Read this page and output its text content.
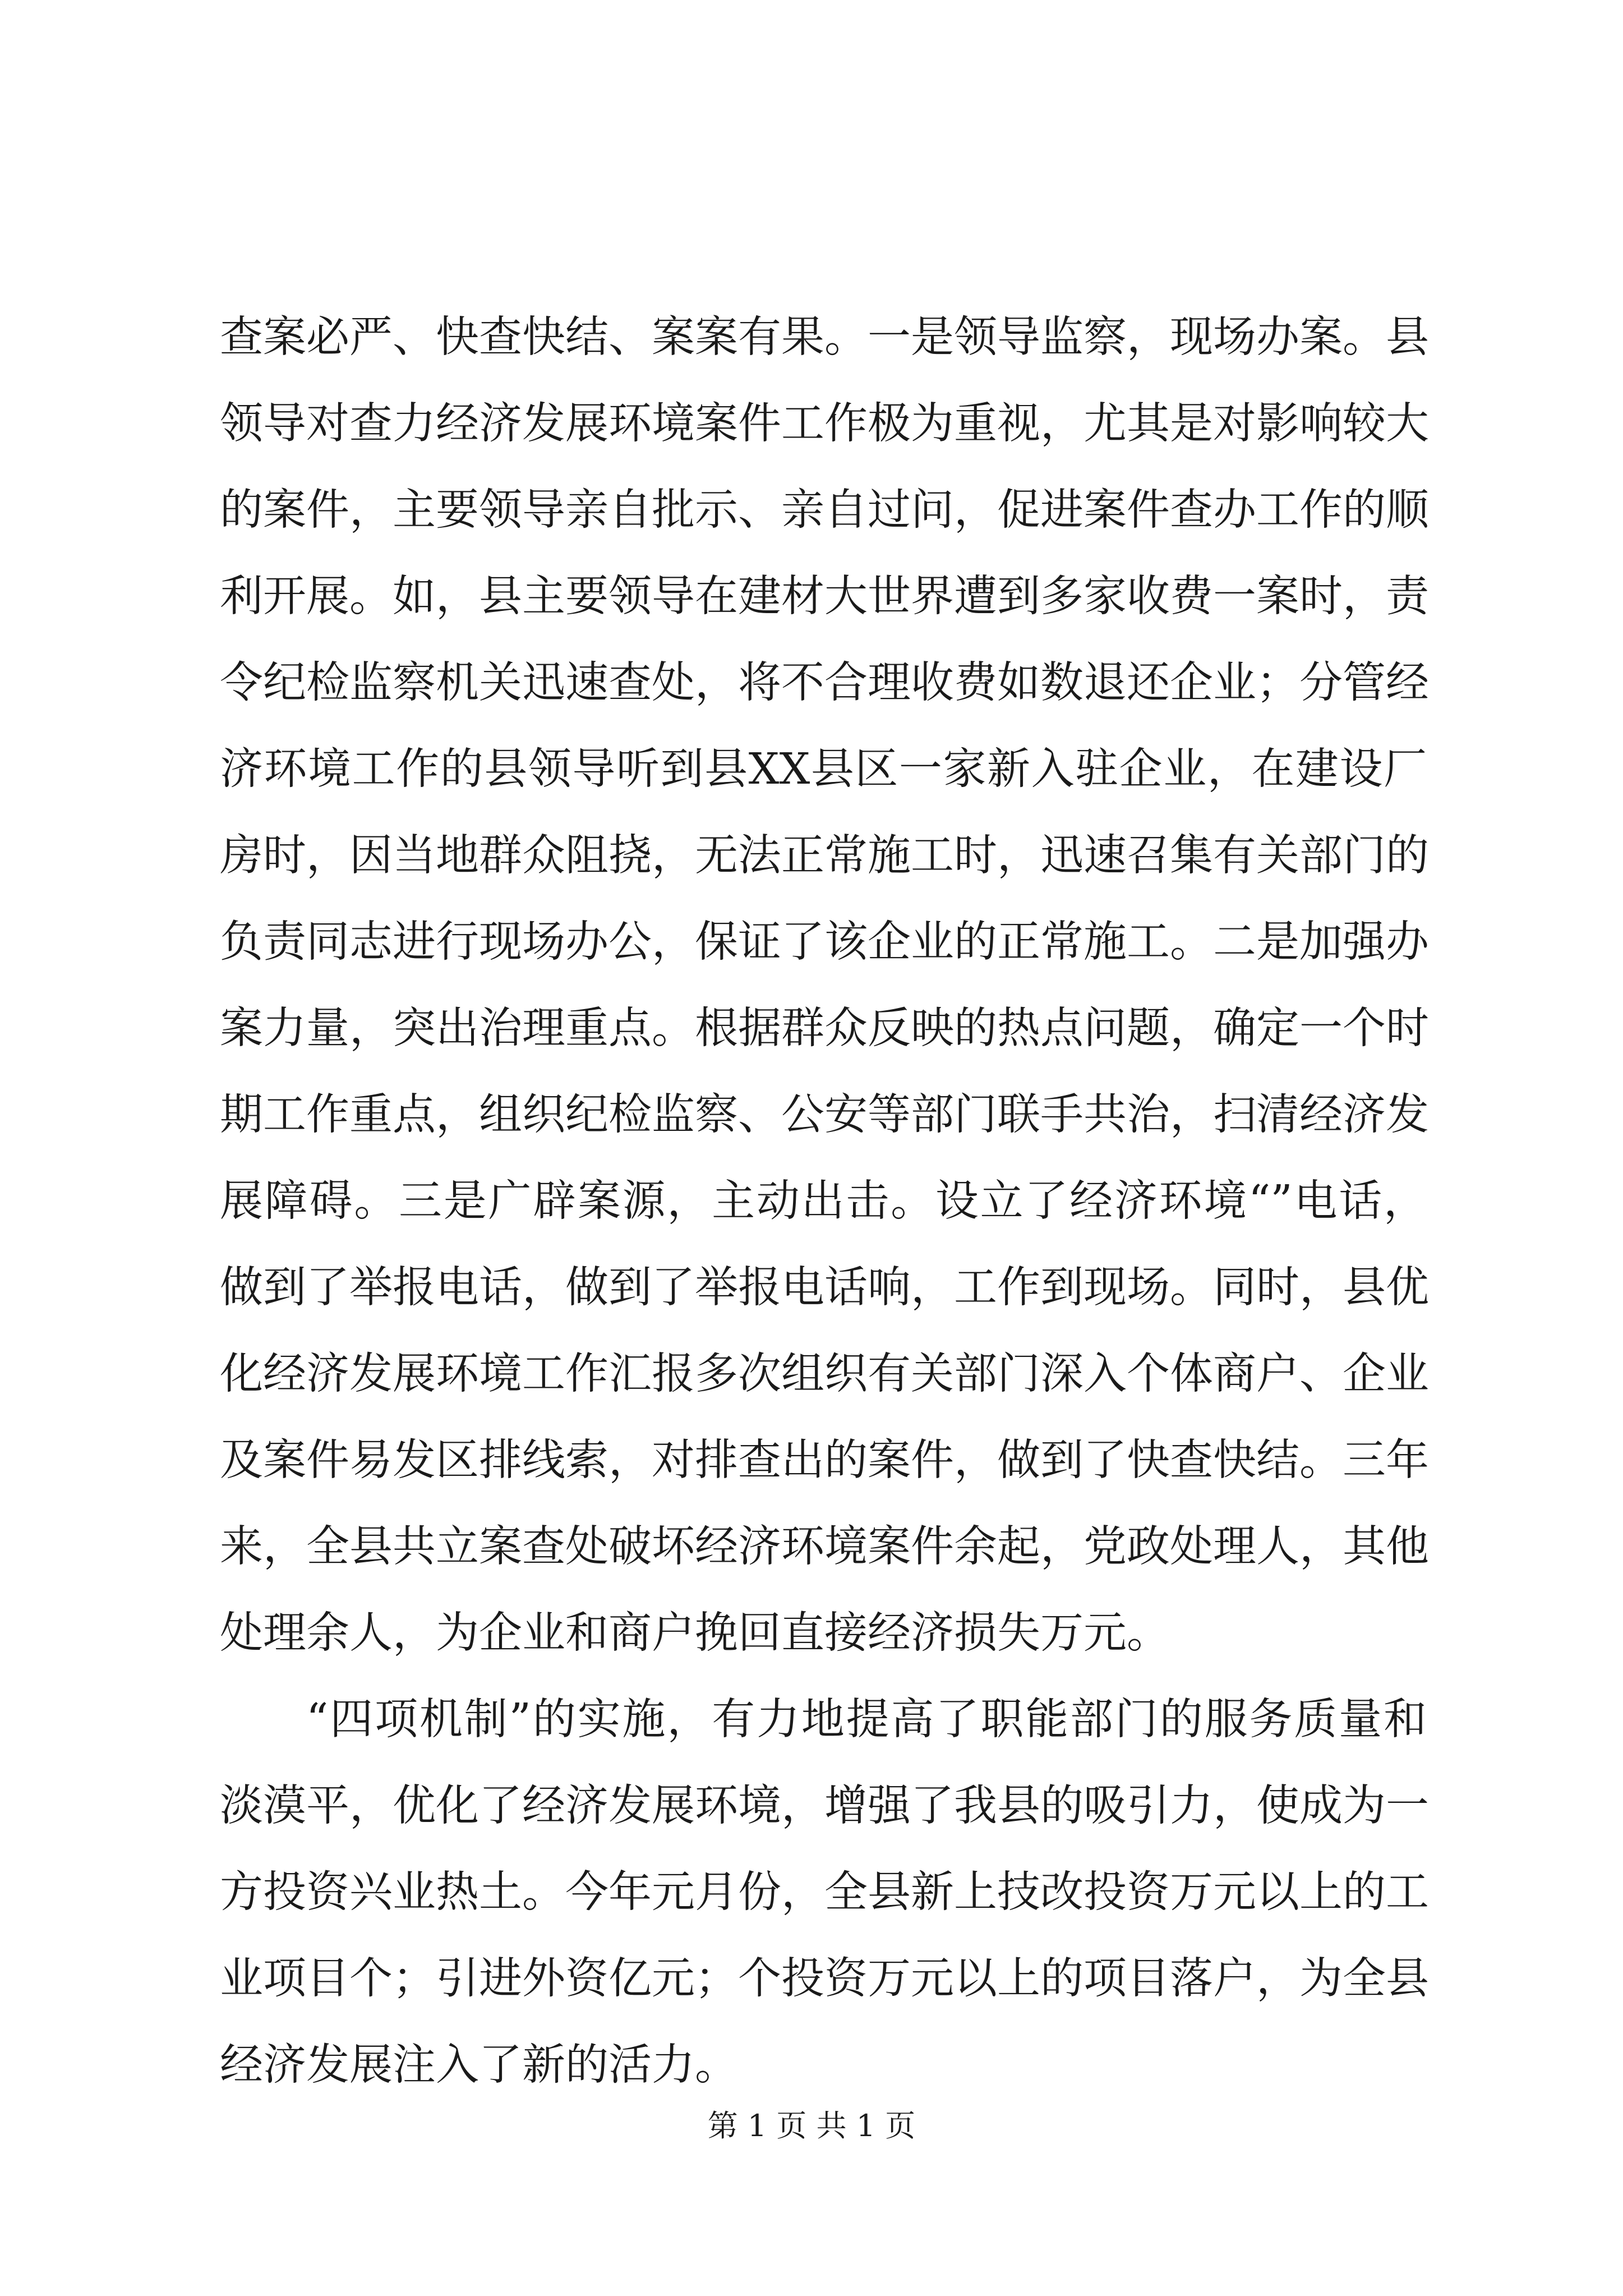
查案必严、快查快结、案案有果。一是领导监察，现场办案。县
领导对查力经济发展环境案件工作极为重视，尤其是对影响较大
的案件，主要领导亲自批示、亲自过问，促进案件查办工作的顺
利开展。如，县主要领导在建材大世界遭到多家收费一案时，责
令纪检监察机关迅速查处，将不合理收费如数退还企业；分管经
济环境工作的县领导听到县XX县区一家新入驻企业，在建设厂
房时，因当地群众阻挠，无法正常施工时，迅速召集有关部门的
负责同志进行现场办公，保证了该企业的正常施工。二是加强办
案力量，突出治理重点。根据群众反映的热点问题，确定一个时
期工作重点，组织纪检监察、公安等部门联手共治，扫清经济发
展障碍。三是广辟案源，主动出击。设立了经济环境“”电话，
做到了举报电话，做到了举报电话响，工作到现场。同时，县优
化经济发展环境工作汇报多次组织有关部门深入个体商户、企业
及案件易发区排线索，对排查出的案件，做到了快查快结。三年
来，全县共立案查处破坏经济环境案件余起，党政处理人，其他
处理余人，为企业和商户挽回直接经济损失万元。
“四项机制”的实施，有力地提高了职能部门的服务质量和
淡漠平，优化了经济发展环境，增强了我县的吸引力，使成为一
方投资兴业热土。今年元月份，全县新上技改投资万元以上的工
业项目个；引进外资亿元；个投资万元以上的项目落户，为全县
经济发展注入了新的活力。
第 1 页 共 1 页
